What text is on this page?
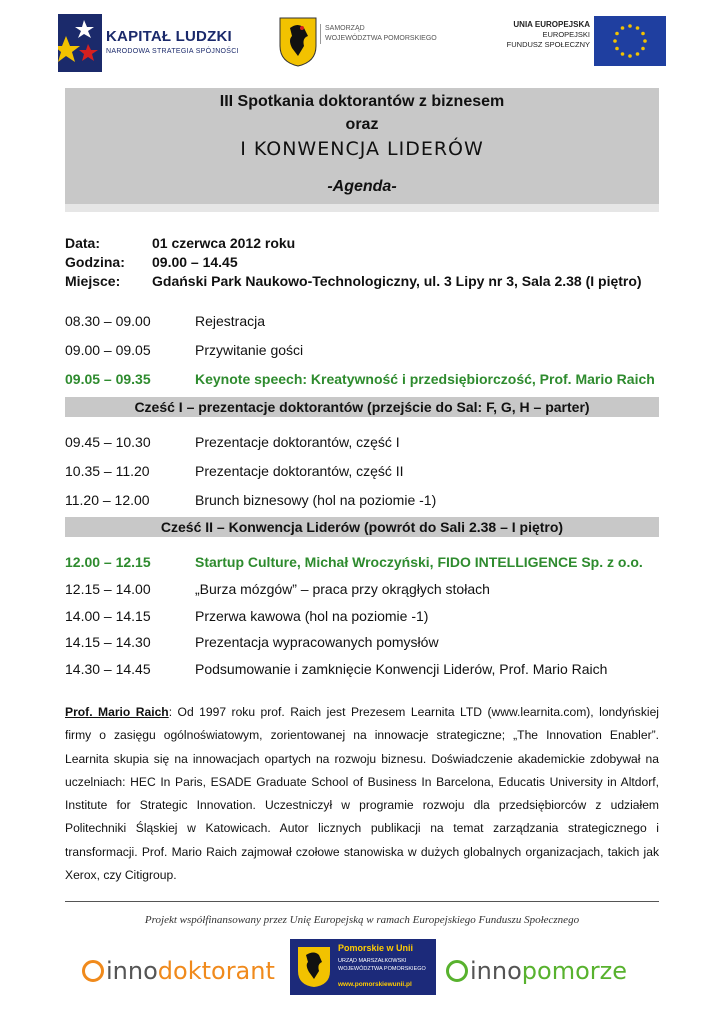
KAPITAŁ LUDZKI
NARODOWA STRATEGIA SPÓJNOŚCI
SAMORZĄD
WOJEWÓDZTWA POMORSKIEGO
UNIA EUROPEJSKA
EUROPEJSKI
FUNDUSZ SPOŁECZNY
III Spotkania doktorantów z biznesem
oraz
I KONWENCJA LIDERÓW
-Agenda-
Data:	01 czerwca 2012 roku
Godzina: 09.00 – 14.45
Miejsce: Gdański Park Naukowo-Technologiczny, ul. 3 Lipy nr 3, Sala 2.38 (I piętro)
08.30 – 09.00	Rejestracja
09.00 – 09.05	Przywitanie gości
09.05 – 09.35	Keynote speech: Kreatywność i przedsiębiorczość, Prof. Mario Raich
Cześć I – prezentacje doktorantów (przejście do Sal: F, G, H – parter)
09.45 – 10.30	Prezentacje doktorantów, część I
10.35 – 11.20	Prezentacje doktorantów, część II
11.20 – 12.00	Brunch biznesowy (hol na poziomie -1)
Cześć II – Konwencja Liderów (powrót do Sali 2.38 – I piętro)
12.00 – 12.15	Startup Culture, Michał Wroczyński, FIDO INTELLIGENCE Sp. z o.o.
12.15 – 14.00	„Burza mózgów” – praca przy okrągłych stołach
14.00 – 14.15	Przerwa kawowa (hol na poziomie -1)
14.15 – 14.30	Prezentacja wypracowanych pomysłów
14.30 – 14.45	Podsumowanie i zamknięcie Konwencji Liderów, Prof. Mario Raich
Prof. Mario Raich: Od 1997 roku prof. Raich jest Prezesem Learnita LTD (www.learnita.com), londyńskiej firmy o zasięgu ogólnoświatowym, zorientowanej na innowacje strategiczne; „The Innovation Enabler”. Learnita skupia się na innowacjach opartych na rozwoju biznesu. Doświadczenie akademickie zdobywał na uczelniach: HEC In Paris, ESADE Graduate School of Business In Barcelona, Educatis University in Altdorf, Institute for Strategic Innovation. Uczestniczył w programie rozwoju dla przedsiębiorców z udziałem Politechniki Śląskiej w Katowicach. Autor licznych publikacji na temat zarządzania strategicznego i transformacji. Prof. Mario Raich zajmował czołowe stanowiska w dużych globalnych organizacjach, takich jak Xerox, czy Citigroup.
Projekt współfinansowany przez Unię Europejską w ramach Europejskiego Funduszu Społecznego
innodoktorant
Pomorskie w Unii
URZĄD MARSZAŁKOWSKI
WOJEWÓDZTWA POMORSKIEGO
www.pomorskiewunii.pl	innopomorze
